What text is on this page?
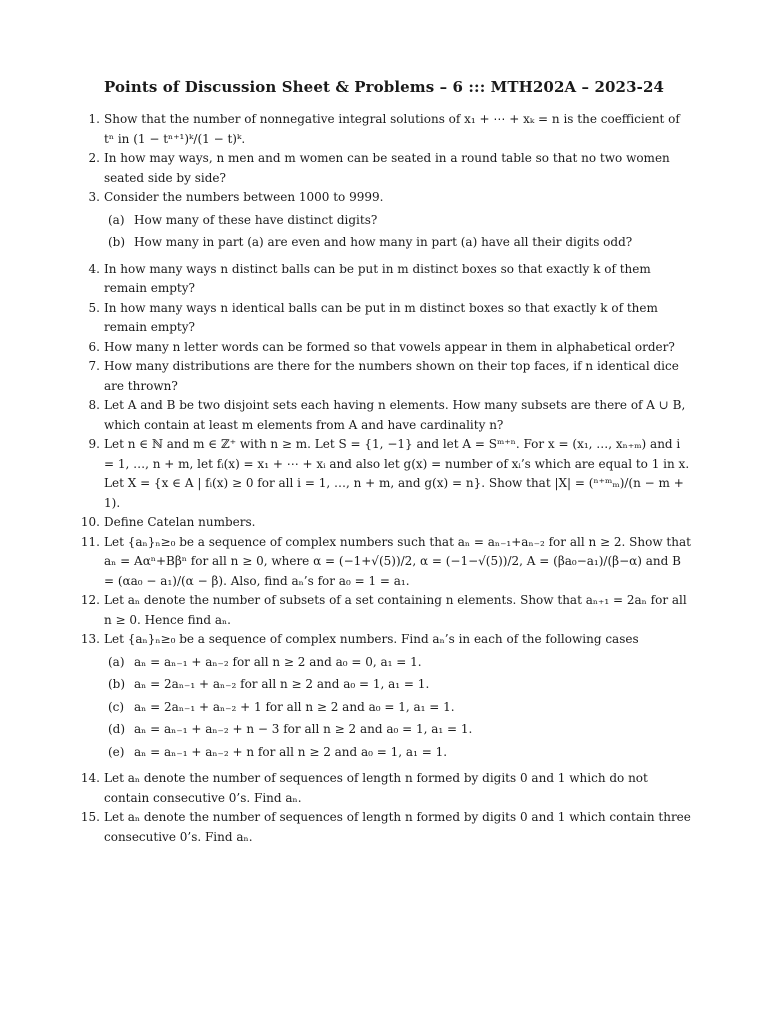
Points of Discussion Sheet & Problems – 6 ::: MTH202A – 2023-24
1. Show that the number of nonnegative integral solutions of x₁ + ⋯ + xₖ = n is the coefficient of tⁿ in (1 − tⁿ⁺¹)ᵏ/(1 − t)ᵏ.
2. In how may ways, n men and m women can be seated in a round table so that no two women seated side by side?
3. Consider the numbers between 1000 to 9999.
(a) How many of these have distinct digits?
(b) How many in part (a) are even and how many in part (a) have all their digits odd?
4. In how many ways n distinct balls can be put in m distinct boxes so that exactly k of them remain empty?
5. In how many ways n identical balls can be put in m distinct boxes so that exactly k of them remain empty?
6. How many n letter words can be formed so that vowels appear in them in alphabetical order?
7. How many distributions are there for the numbers shown on their top faces, if n identical dice are thrown?
8. Let A and B be two disjoint sets each having n elements. How many subsets are there of A ∪ B, which contain at least m elements from A and have cardinality n?
9. Let n ∈ ℕ and m ∈ ℤ⁺ with n ≥ m. Let S = {1, −1} and let A = Sᵐ⁺ⁿ. For x = (x₁, …, xₙ₊ₘ) and i = 1, …, n + m, let fᵢ(x) = x₁ + ⋯ + xᵢ and also let g(x) = number of xᵢ’s which are equal to 1 in x. Let X = {x ∈ A | fᵢ(x) ≥ 0 for all i = 1, …, n + m, and g(x) = n}. Show that |X| = (ⁿ⁺ᵐₘ)/(n − m + 1).
10. Define Catelan numbers.
11. Let {aₙ}ₙ≥₀ be a sequence of complex numbers such that aₙ = aₙ₋₁+aₙ₋₂ for all n ≥ 2. Show that aₙ = Aαⁿ+Bβⁿ for all n ≥ 0, where α = (−1+√(5))/2, α = (−1−√(5))/2, A = (βa₀−a₁)/(β−α) and B = (αa₀ − a₁)/(α − β). Also, find aₙ’s for a₀ = 1 = a₁.
12. Let aₙ denote the number of subsets of a set containing n elements. Show that aₙ₊₁ = 2aₙ for all n ≥ 0. Hence find aₙ.
13. Let {aₙ}ₙ≥₀ be a sequence of complex numbers. Find aₙ’s in each of the following cases
(a) aₙ = aₙ₋₁ + aₙ₋₂ for all n ≥ 2 and a₀ = 0, a₁ = 1.
(b) aₙ = 2aₙ₋₁ + aₙ₋₂ for all n ≥ 2 and a₀ = 1, a₁ = 1.
(c) aₙ = 2aₙ₋₁ + aₙ₋₂ + 1 for all n ≥ 2 and a₀ = 1, a₁ = 1.
(d) aₙ = aₙ₋₁ + aₙ₋₂ + n − 3 for all n ≥ 2 and a₀ = 1, a₁ = 1.
(e) aₙ = aₙ₋₁ + aₙ₋₂ + n for all n ≥ 2 and a₀ = 1, a₁ = 1.
14. Let aₙ denote the number of sequences of length n formed by digits 0 and 1 which do not contain consecutive 0’s. Find aₙ.
15. Let aₙ denote the number of sequences of length n formed by digits 0 and 1 which contain three consecutive 0’s. Find aₙ.
